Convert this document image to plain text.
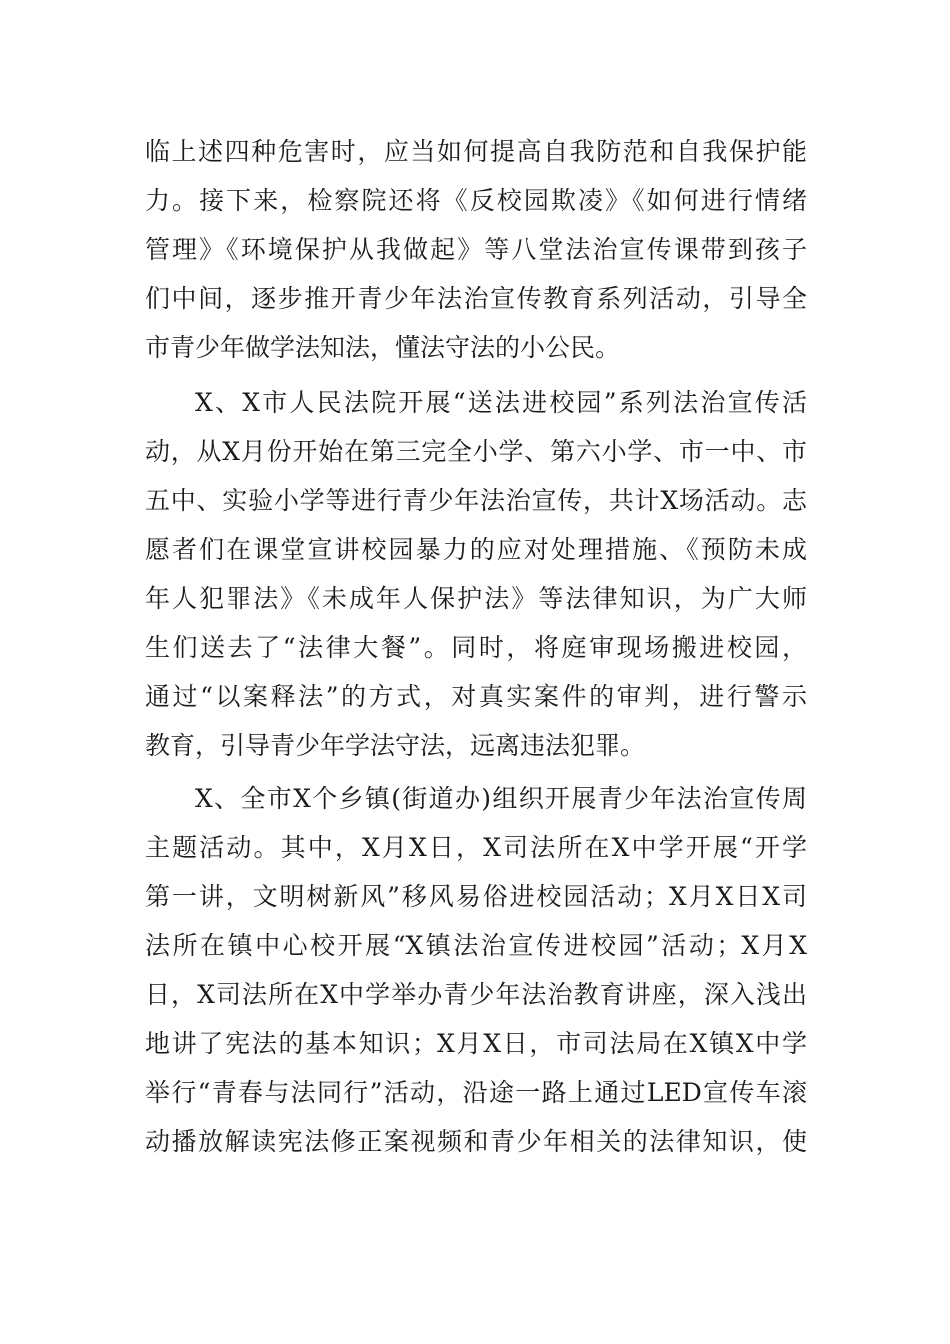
临上述四种危害时，应当如何提高自我防范和自我保护能
力。接下来，检察院还将《反校园欺凌》《如何进行情绪
管理》《环境保护从我做起》等八堂法治宣传课带到孩子
们中间，逐步推开青少年法治宣传教育系列活动，引导全
市青少年做学法知法，懂法守法的小公民。
X、X市人民法院开展“送法进校园”系列法治宣传活
动，从X月份开始在第三完全小学、第六小学、市一中、市
五中、实验小学等进行青少年法治宣传，共计X场活动。志
愿者们在课堂宣讲校园暴力的应对处理措施、《预防未成
年人犯罪法》《未成年人保护法》等法律知识，为广大师
生们送去了“法律大餐”。同时，将庭审现场搬进校园，
通过“以案释法”的方式，对真实案件的审判，进行警示
教育，引导青少年学法守法，远离违法犯罪。
X、全市X个乡镇(街道办)组织开展青少年法治宣传周
主题活动。其中，X月X日，X司法所在X中学开展“开学
第一讲，文明树新风”移风易俗进校园活动；X月X日X司
法所在镇中心校开展“X镇法治宣传进校园”活动；X月X
日，X司法所在X中学举办青少年法治教育讲座，深入浅出
地讲了宪法的基本知识；X月X日，市司法局在X镇X中学
举行“青春与法同行”活动，沿途一路上通过LED宣传车滚
动播放解读宪法修正案视频和青少年相关的法律知识，使
